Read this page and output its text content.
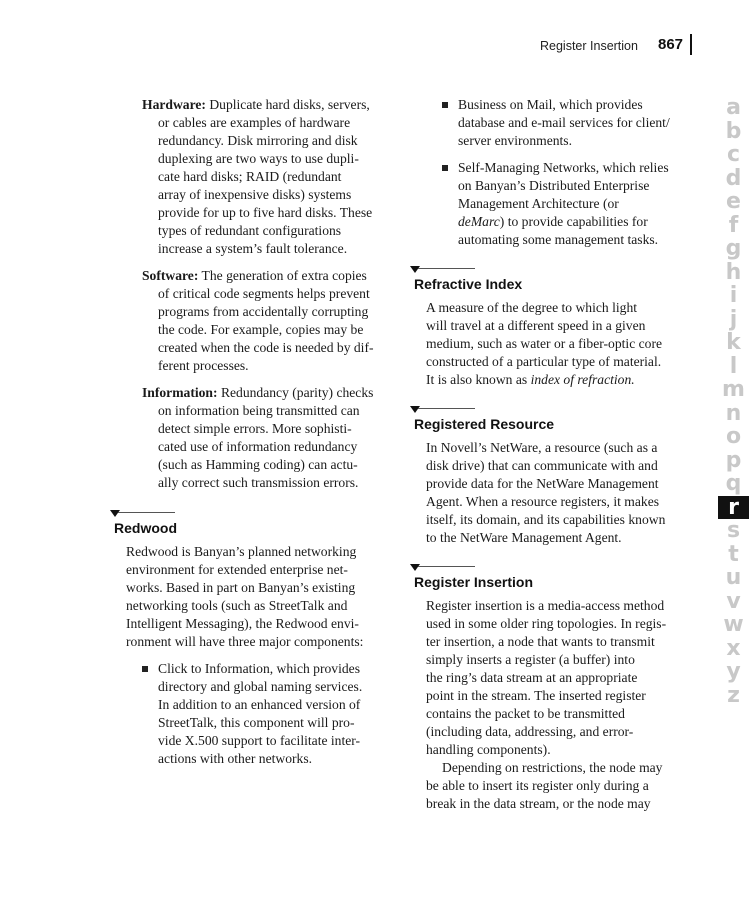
Register Insertion 867

Hardware: Duplicate hard disks, servers,
or cables are examples of hardware
redundancy. Disk mirroring and disk
duplexing are two ways to use dupli-
cate hard disks; RAID (redundant
array of inexpensive disks) systems
provide for up to five hard disks. These
types of redundant configurations
increase a system’s fault tolerance.

Software: The generation of extra copies
of critical code segments helps prevent
programs from accidentally corrupting
the code. For example, copies may be
created when the code is needed by dif-
ferent processes.

Information: Redundancy (parity) checks
on information being transmitted can
detect simple errors. More sophisti-
cated use of information redundancy
(such as Hamming coding) can actu-
ally correct such transmission errors.

Redwood

Redwood is Banyan’s planned networking
environment for extended enterprise net-
works. Based in part on Banyan’s existing
networking tools (such as StreetTalk and
Intelligent Messaging), the Redwood envi-
ronment will have three major components:

Click to Information, which provides
directory and global naming services.
In addition to an enhanced version of
StreetTalk, this component will pro-
vide X.500 support to facilitate inter-
actions with other networks.
Business on Mail, which provides
database and e-mail services for client/
server environments.
Self-Managing Networks, which relies
on Banyan’s Distributed Enterprise
Management Architecture (or
deMarc) to provide capabilities for
automating some management tasks.
Refractive Index
A measure of the degree to which light
will travel at a different speed in a given
medium, such as water or a fiber-optic core
constructed of a particular type of material.
It is also known as index of refraction.
Registered Resource
In Novell’s NetWare, a resource (such as a
disk drive) that can communicate with and
provide data for the NetWare Management
Agent. When a resource registers, it makes
itself, its domain, and its capabilities known
to the NetWare Management Agent.
Register Insertion
Register insertion is a media-access method
used in some older ring topologies. In regis-
ter insertion, a node that wants to transmit
simply inserts a register (a buffer) into
the ring’s data stream at an appropriate
point in the stream. The inserted register
contains the packet to be transmitted
(including data, addressing, and error-
handling components).
Depending on restrictions, the node may
be able to insert its register only during a
break in the data stream, or the node may
a
b
c
d
e
f
g
h
i
j
k
l
m
n
o
p
q
r
s
t
u
v
w
x
y
z
